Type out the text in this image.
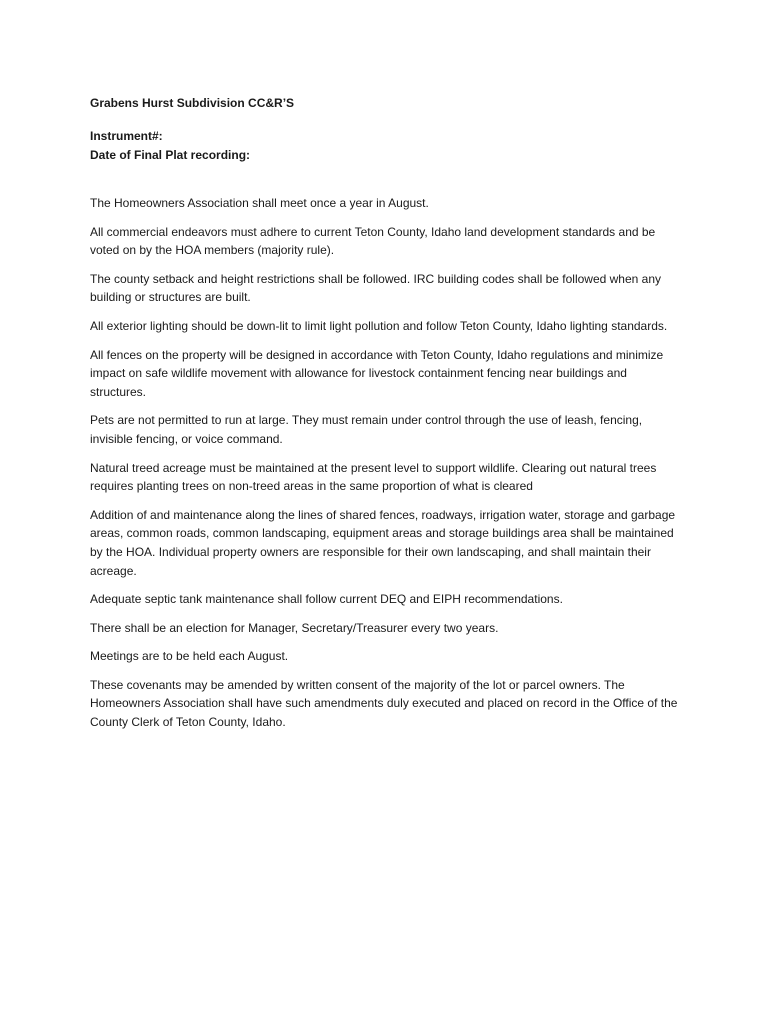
Grabens Hurst Subdivision CC&R’S

Instrument#:

Date of Final Plat recording:

The Homeowners Association shall meet once a year in August.

All commercial endeavors must adhere to current Teton County, Idaho land development standards and be voted on by the HOA members (majority rule).

The county setback and height restrictions shall be followed. IRC building codes shall be followed when any building or structures are built.

All exterior lighting should be down-lit to limit light pollution and follow Teton County, Idaho lighting standards.

All fences on the property will be designed in accordance with Teton County, Idaho regulations and minimize impact on safe wildlife movement with allowance for livestock containment fencing near buildings and structures.

Pets are not permitted to run at large. They must remain under control through the use of leash, fencing, invisible fencing, or voice command.

Natural treed acreage must be maintained at the present level to support wildlife. Clearing out natural trees requires planting trees on non-treed areas in the same proportion of what is cleared

Addition of and maintenance along the lines of shared fences, roadways, irrigation water, storage and garbage areas, common roads, common landscaping, equipment areas and storage buildings area shall be maintained by the HOA. Individual property owners are responsible for their own landscaping, and shall maintain their acreage.

Adequate septic tank maintenance shall follow current DEQ and EIPH recommendations.

There shall be an election for Manager, Secretary/Treasurer every two years.

Meetings are to be held each August.

These covenants may be amended by written consent of the majority of the lot or parcel owners. The Homeowners Association shall have such amendments duly executed and placed on record in the Office of the County Clerk of Teton County, Idaho.
